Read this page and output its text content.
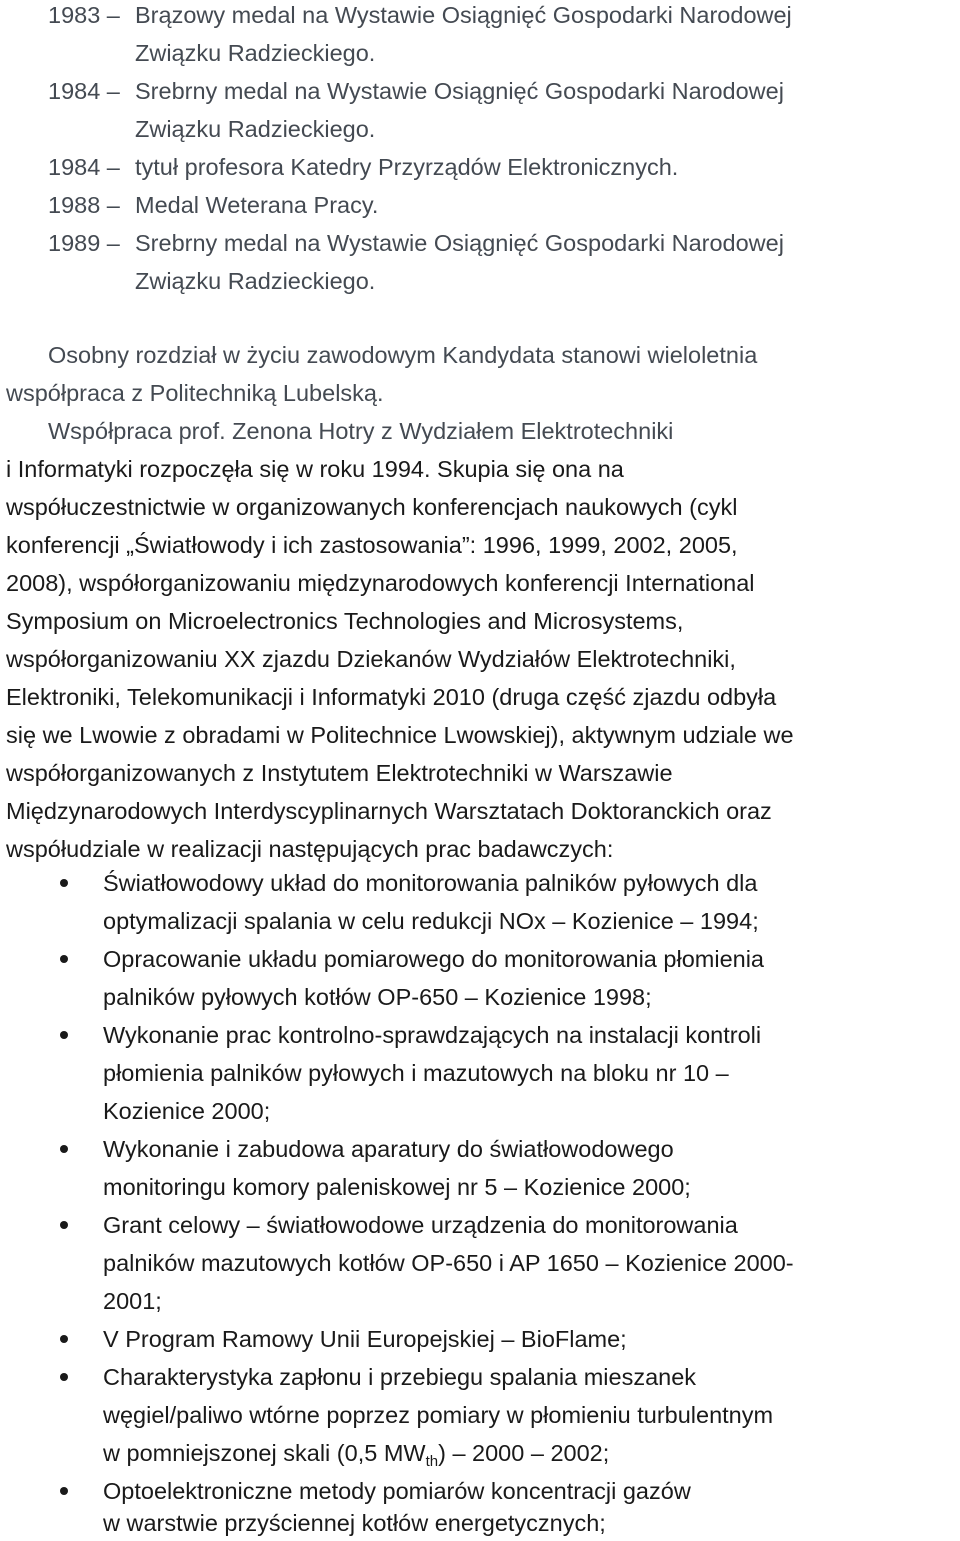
1983 – Brązowy medal na Wystawie Osiągnięć Gospodarki Narodowej
Związku Radzieckiego.
1984 – Srebrny medal na Wystawie Osiągnięć Gospodarki Narodowej
Związku Radzieckiego.
1984 – tytuł profesora Katedry Przyrządów Elektronicznych.
1988 – Medal Weterana Pracy.
1989 – Srebrny medal na Wystawie Osiągnięć Gospodarki Narodowej
Związku Radzieckiego.
Osobny rozdział w życiu zawodowym Kandydata stanowi wieloletnia
współpraca z Politechniką Lubelską.
Współpraca prof. Zenona Hotry z Wydziałem Elektrotechniki
i Informatyki rozpoczęła się w roku 1994. Skupia się ona na
współuczestnictwie w organizowanych konferencjach naukowych (cykl
konferencji „Światłowody i ich zastosowania”: 1996, 1999, 2002, 2005,
2008), współorganizowaniu międzynarodowych konferencji International
Symposium on Microelectronics Technologies and Microsystems,
współorganizowaniu XX zjazdu Dziekanów Wydziałów Elektrotechniki,
Elektroniki, Telekomunikacji i Informatyki 2010 (druga część zjazdu odbyła
się we Lwowie z obradami w Politechnice Lwowskiej), aktywnym udziale we
współorganizowanych z Instytutem Elektrotechniki w Warszawie
Międzynarodowych Interdyscyplinarnych Warsztatach Doktoranckich oraz
współudziale w realizacji następujących prac badawczych:
Światłowodowy układ do monitorowania palników pyłowych dla
optymalizacji spalania w celu redukcji NOx – Kozienice – 1994;
Opracowanie układu pomiarowego do monitorowania płomienia
palników pyłowych kotłów OP-650 – Kozienice 1998;
Wykonanie prac kontrolno-sprawdzających na instalacji kontroli
płomienia palników pyłowych i mazutowych na bloku nr 10 –
Kozienice 2000;
Wykonanie i zabudowa aparatury do światłowodowego
monitoringu komory paleniskowej nr 5 – Kozienice 2000;
Grant celowy – światłowodowe urządzenia do monitorowania
palników mazutowych kotłów OP-650 i AP 1650 – Kozienice 2000-
2001;
V Program Ramowy Unii Europejskiej – BioFlame;
Charakterystyka zapłonu i przebiegu spalania mieszanek
węgiel/paliwo wtórne poprzez pomiary w płomieniu turbulentnym
w pomniejszonej skali (0,5 $MW_{th}) - 2000 - 2002$;
Optoelektroniczne metody pomiarów koncentracji gazów
w warstwie przyściennej kotłów energetycznych;
